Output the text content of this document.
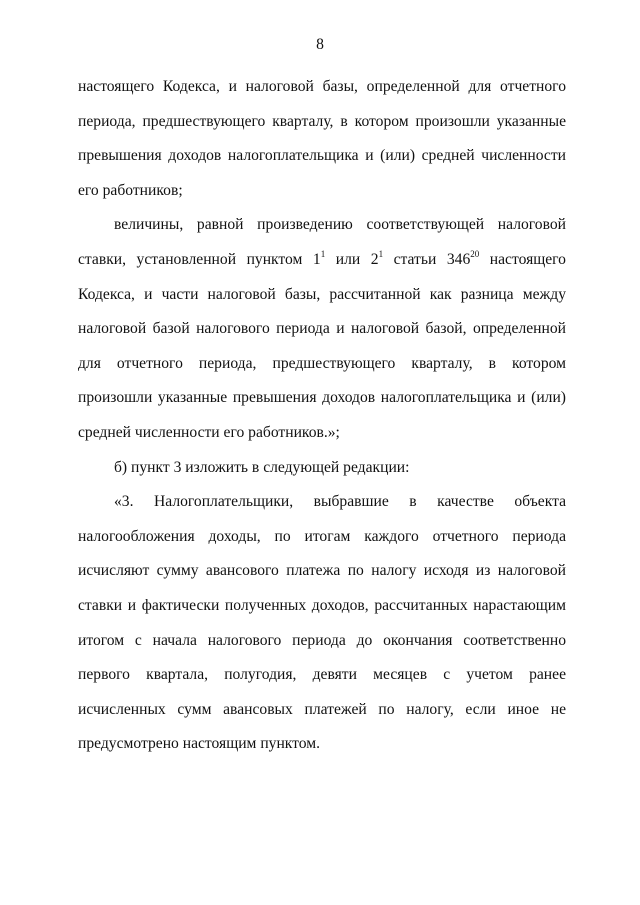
8

настоящего Кодекса, и налоговой базы, определенной для отчетного периода, предшествующего кварталу, в котором произошли указанные превышения доходов налогоплательщика и (или) средней численности его работников;

величины, равной произведению соответствующей налоговой ставки, установленной пунктом $1^1$ или $2^1$ статьи $346^{20}$ настоящего Кодекса, и части налоговой базы, рассчитанной как разница между налоговой базой налогового периода и налоговой базой, определенной для отчетного периода, предшествующего кварталу, в котором произошли указанные превышения доходов налогоплательщика и (или) средней численности его работников.»;

б) пункт 3 изложить в следующей редакции:

«3. Налогоплательщики, выбравшие в качестве объекта налогообложения доходы, по итогам каждого отчетного периода исчисляют сумму авансового платежа по налогу исходя из налоговой ставки и фактически полученных доходов, рассчитанных нарастающим итогом с начала налогового периода до окончания соответственно первого квартала, полугодия, девяти месяцев с учетом ранее исчисленных сумм авансовых платежей по налогу, если иное не предусмотрено настоящим пунктом.
